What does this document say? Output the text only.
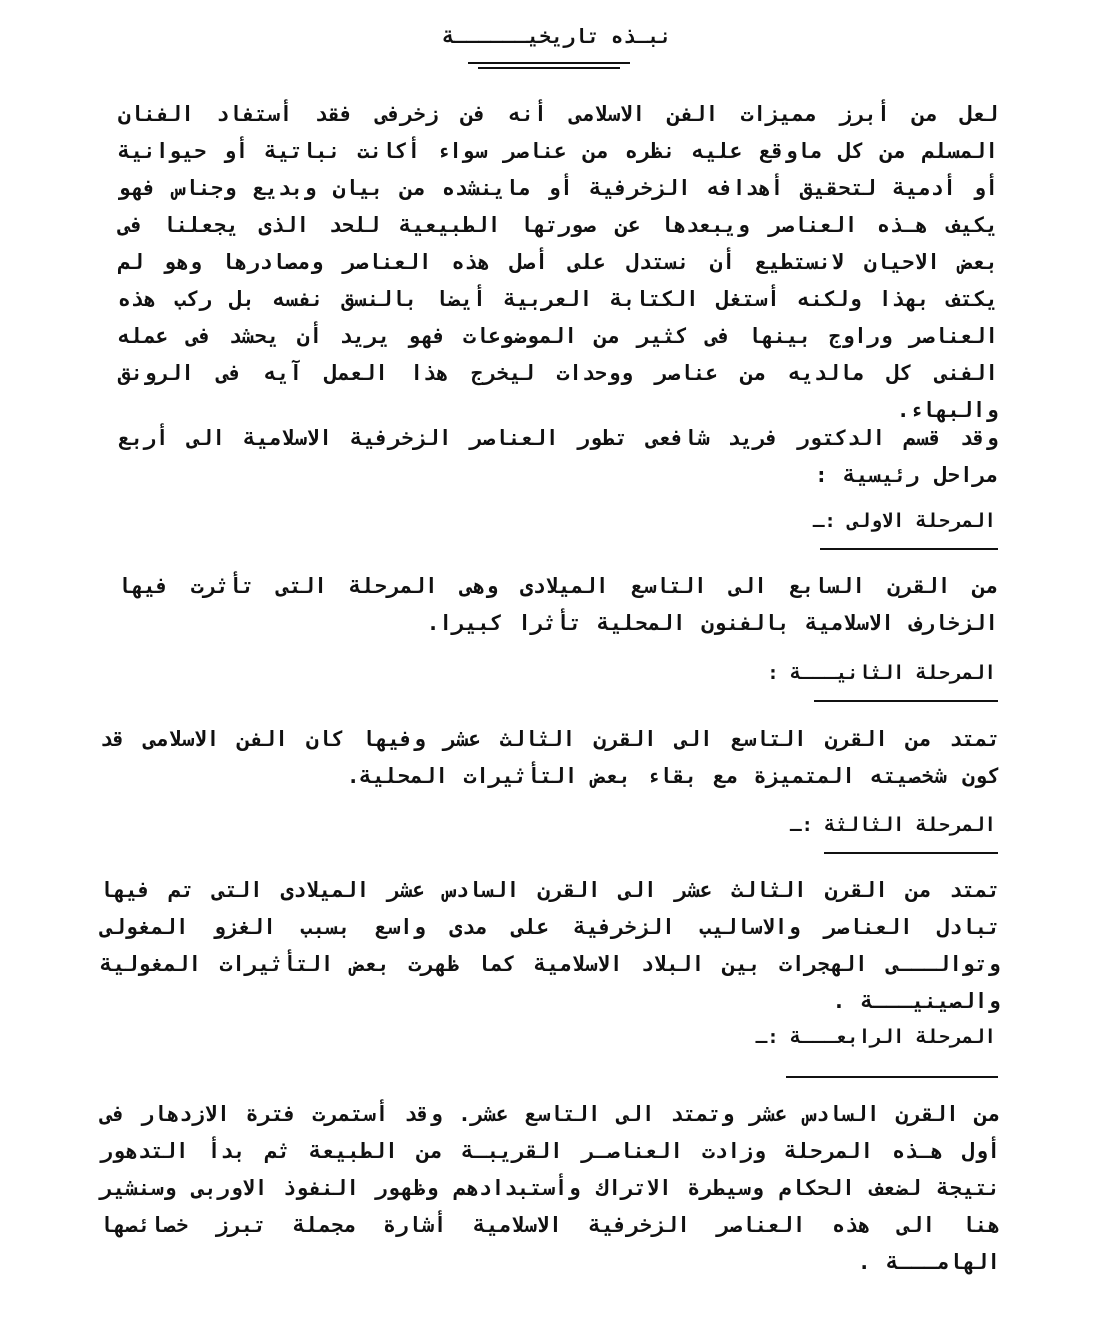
نبـذه تاريخيــــــة

لعل من أبرز مميزات الفن الاسلامى أنه فن زخرفى فقد أستفاد الفنان المسلم من كل ماوقع عليه نظره من عناصر سواء أكانت نباتية أو حيوانية أو أدمية لتحقيق أهدافه الزخرفية أو ماينشده من بيان وبديع وجناس فهو يكيف هـذه العناصر ويبعدها عن صورتها الطبيعية للحد الذى يجعلنا فى بعض الاحيان لانستطيع أن نستدل على أصل هذه العناصر ومصادرها وهو لم يكتف بهذا ولكنه أستغل الكتابة العربية أيضا بالنسق نفسه بل ركب هذه العناصر وراوج بينها فى كثير من الموضوعات فهو يريد أن يحشد فى عمله الفنى كل مالديه من عناصر ووحدات ليخرج هذا العمل آيه فى الرونق والبهاء.

وقد قسم الدكتور فريد شافعى تطور العناصر الزخرفية الاسلامية الى أربع مراحل رئيسية :

المرحلة الاولى :ـ

من القرن السابع الى التاسع الميلادى وهى المرحلة التى تأثرت فيها الزخارف الاسلامية بالفنون المحلية تأثرا كبيرا.

المرحلة الثانيـــة :

تمتد من القرن التاسع الى القرن الثالث عشر وفيها كان الفن الاسلامى قد كون شخصيته المتميزة مع بقاء بعض التأثيرات المحلية.

المرحلة الثالثة :ـ

تمتد من القرن الثالث عشر الى القرن السادس عشر الميلادى التى تم فيها تبادل العناصر والاساليب الزخرفية على مدى واسع بسبب الغزو المغولى وتوالـــى الهجرات بين البلاد الاسلامية كما ظهرت بعض التأثيرات المغولية والصينيـــة .

المرحلة الرابعـــة :ـ

من القرن السادس عشر وتمتد الى التاسع عشر. وقد أستمرت فترة الازدهار فى أول هـذه المرحلة وزادت العناصـر القريبـة من الطبيعة ثم بدأ التدهور نتيجة لضعف الحكام وسيطرة الاتراك وأستبدادهم وظهور النفوذ الاوربى وسنشير هنا الى هذه العناصر الزخرفية الاسلامية أشارة مجملة تبرز خصائصها الهامـــة .
